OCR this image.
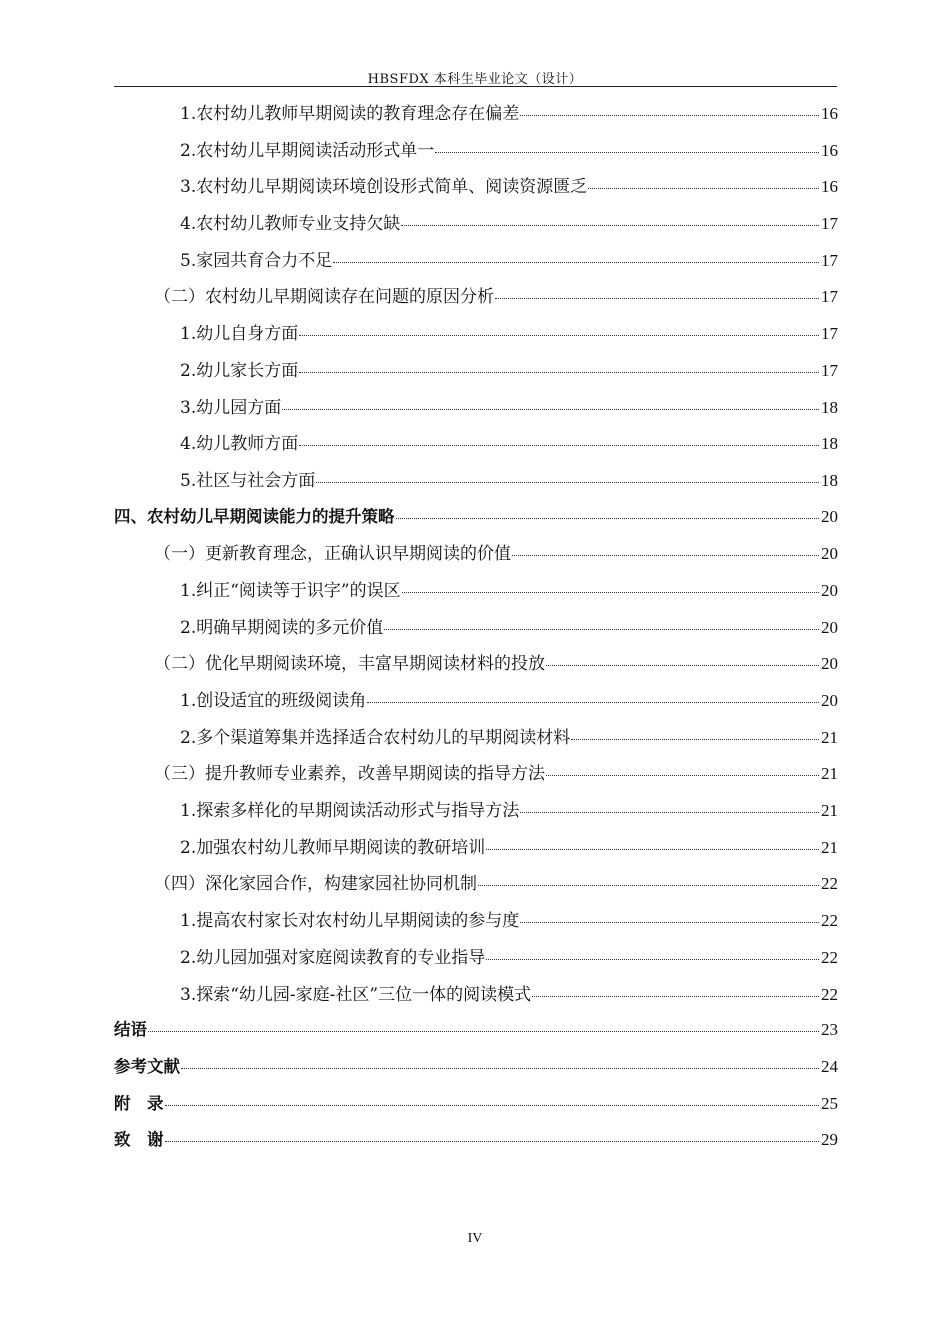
HBSFDX 本科生毕业论文（设计）
1.农村幼儿教师早期阅读的教育理念存在偏差	16
2.农村幼儿早期阅读活动形式单一	16
3.农村幼儿早期阅读环境创设形式简单、阅读资源匮乏	16
4.农村幼儿教师专业支持欠缺	17
5.家园共育合力不足	17
（二）农村幼儿早期阅读存在问题的原因分析	17
1.幼儿自身方面	17
2.幼儿家长方面	17
3.幼儿园方面	18
4.幼儿教师方面	18
5.社区与社会方面	18
四、农村幼儿早期阅读能力的提升策略	20
（一）更新教育理念，正确认识早期阅读的价值	20
1.纠正“阅读等于识字”的误区	20
2.明确早期阅读的多元价值	20
（二）优化早期阅读环境，丰富早期阅读材料的投放	20
1.创设适宜的班级阅读角	20
2.多个渠道筹集并选择适合农村幼儿的早期阅读材料	21
（三）提升教师专业素养，改善早期阅读的指导方法	21
1.探索多样化的早期阅读活动形式与指导方法	21
2.加强农村幼儿教师早期阅读的教研培训	21
（四）深化家园合作，构建家园社协同机制	22
1.提高农村家长对农村幼儿早期阅读的参与度	22
2.幼儿园加强对家庭阅读教育的专业指导	22
3.探索“幼儿园-家庭-社区”三位一体的阅读模式	22
结语	23
参考文献	24
附　录	25
致　谢	29
IV
